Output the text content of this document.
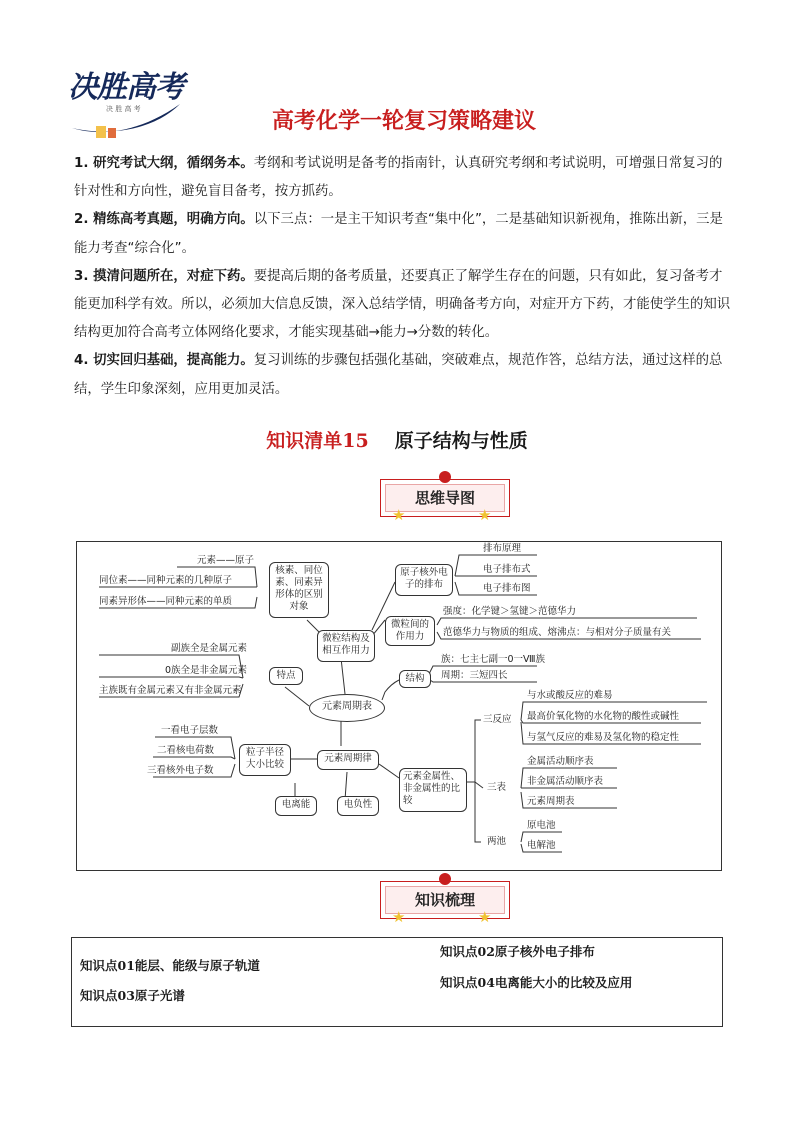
决胜高考
决 胜 高 考	高考化学一轮复习策略建议

1. 研究考试大纲，循纲务本。考纲和考试说明是备考的指南针，认真研究考纲和考试说明，可增强日常复习的针对性和方向性，避免盲目备考，按方抓药。

2. 精练高考真题，明确方向。以下三点：一是主干知识考查“集中化”，二是基础知识新视角，推陈出新，三是能力考查“综合化”。

3. 摸清问题所在，对症下药。要提高后期的备考质量，还要真正了解学生存在的问题，只有如此，复习备考才能更加科学有效。所以，必须加大信息反馈，深入总结学情，明确备考方向，对症开方下药，才能使学生的知识结构更加符合高考立体网络化要求，才能实现基础→能力→分数的转化。

4. 切实回归基础，提高能力。复习训练的步骤包括强化基础，突破难点，规范作答，总结方法，通过这样的总结，学生印象深刻，应用更加灵活。

知识清单15 原子结构与性质
思维导图
★	★
元素周期表
微粒结构及相互作用力
核素、同位素、同素异形体的区别对象
原子核外电子的排布
微粒间的作用力
结构
特点
元素周期律
粒子半径大小比较
电离能	电负性
元素金属性、非金属性的比较
元素——原子
同位素——同种元素的几种原子
同素异形体——同种元素的单质
排布原理
电子排布式
电子排布图
强度：化学键＞氢键＞范德华力
范德华力与物质的组成、熔沸点：与相对分子质量有关
副族全是金属元素
0族全是非金属元素
主族既有金属元素又有非金属元素
族：七主七副一0一Ⅷ族
周期：三短四长
一看电子层数
二看核电荷数
三看核外电子数
三反应
与水或酸反应的难易
最高价氧化物的水化物的酸性或碱性
与氢气反应的难易及氢化物的稳定性
三表
金属活动顺序表
非金属活动顺序表
元素周期表
两池
原电池
电解池
知识梳理
★	★
知识点01能层、能级与原子轨道
知识点02原子核外电子排布
知识点03原子光谱
知识点04电离能大小的比较及应用
